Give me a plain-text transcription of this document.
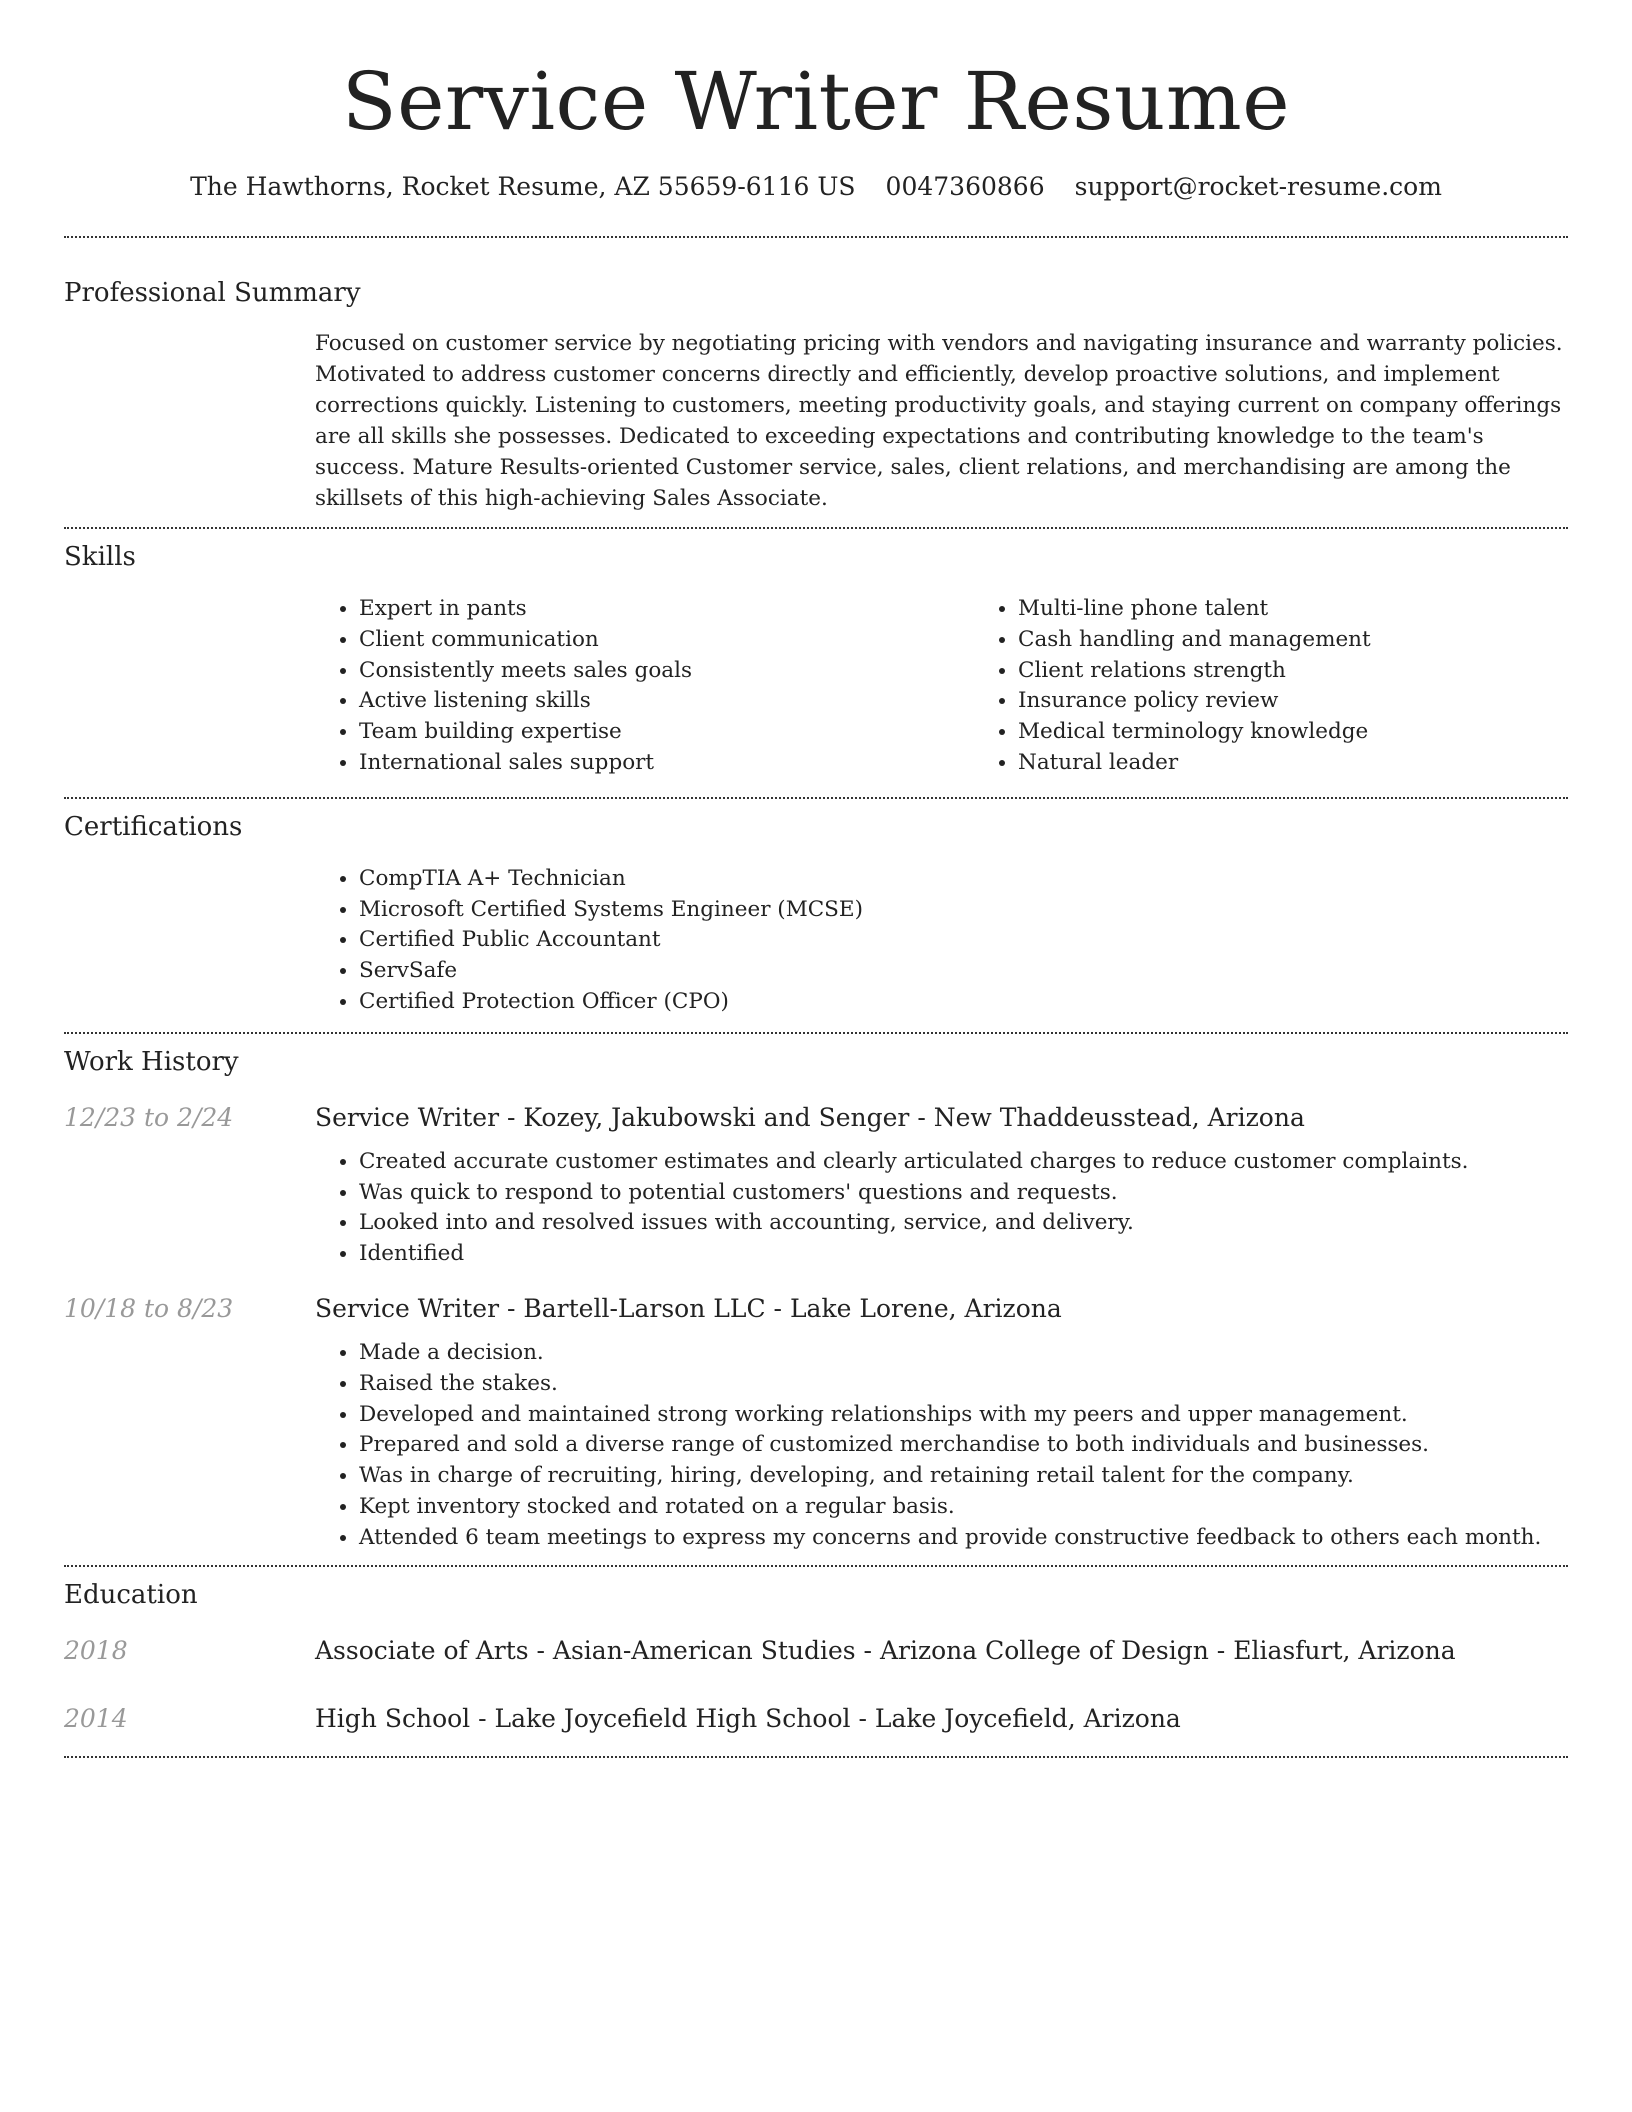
Service Writer Resume
The Hawthorns, Rocket Resume, AZ 55659-6116 US 0047360866 support@rocket-resume.com
Professional Summary

Focused on customer service by negotiating pricing with vendors and navigating insurance and warranty policies. Motivated to address customer concerns directly and efficiently, develop proactive solutions, and implement corrections quickly. Listening to customers, meeting productivity goals, and staying current on company offerings are all skills she possesses. Dedicated to exceeding expectations and contributing knowledge to the team's success. Mature Results-oriented Customer service, sales, client relations, and merchandising are among the skillsets of this high-achieving Sales Associate.

Skills
• Expert in pants
• Client communication
• Consistently meets sales goals
• Active listening skills
• Team building expertise
• International sales support
• Multi-line phone talent
• Cash handling and management
• Client relations strength
• Insurance policy review
• Medical terminology knowledge
• Natural leader
Certifications
• CompTIA A+ Technician
• Microsoft Certified Systems Engineer (MCSE)
• Certified Public Accountant
• ServSafe
• Certified Protection Officer (CPO)
Work History
12/23 to 2/24	Service Writer - Kozey, Jakubowski and Senger - New Thaddeusstead, Arizona
• Created accurate customer estimates and clearly articulated charges to reduce customer complaints.
• Was quick to respond to potential customers' questions and requests.
• Looked into and resolved issues with accounting, service, and delivery.
• Identified
10/18 to 8/23	Service Writer - Bartell-Larson LLC - Lake Lorene, Arizona
• Made a decision.
• Raised the stakes.
• Developed and maintained strong working relationships with my peers and upper management.
• Prepared and sold a diverse range of customized merchandise to both individuals and businesses.
• Was in charge of recruiting, hiring, developing, and retaining retail talent for the company.
• Kept inventory stocked and rotated on a regular basis.
• Attended 6 team meetings to express my concerns and provide constructive feedback to others each month.
Education
2018	Associate of Arts - Asian-American Studies - Arizona College of Design - Eliasfurt, Arizona
2014	High School - Lake Joycefield High School - Lake Joycefield, Arizona
